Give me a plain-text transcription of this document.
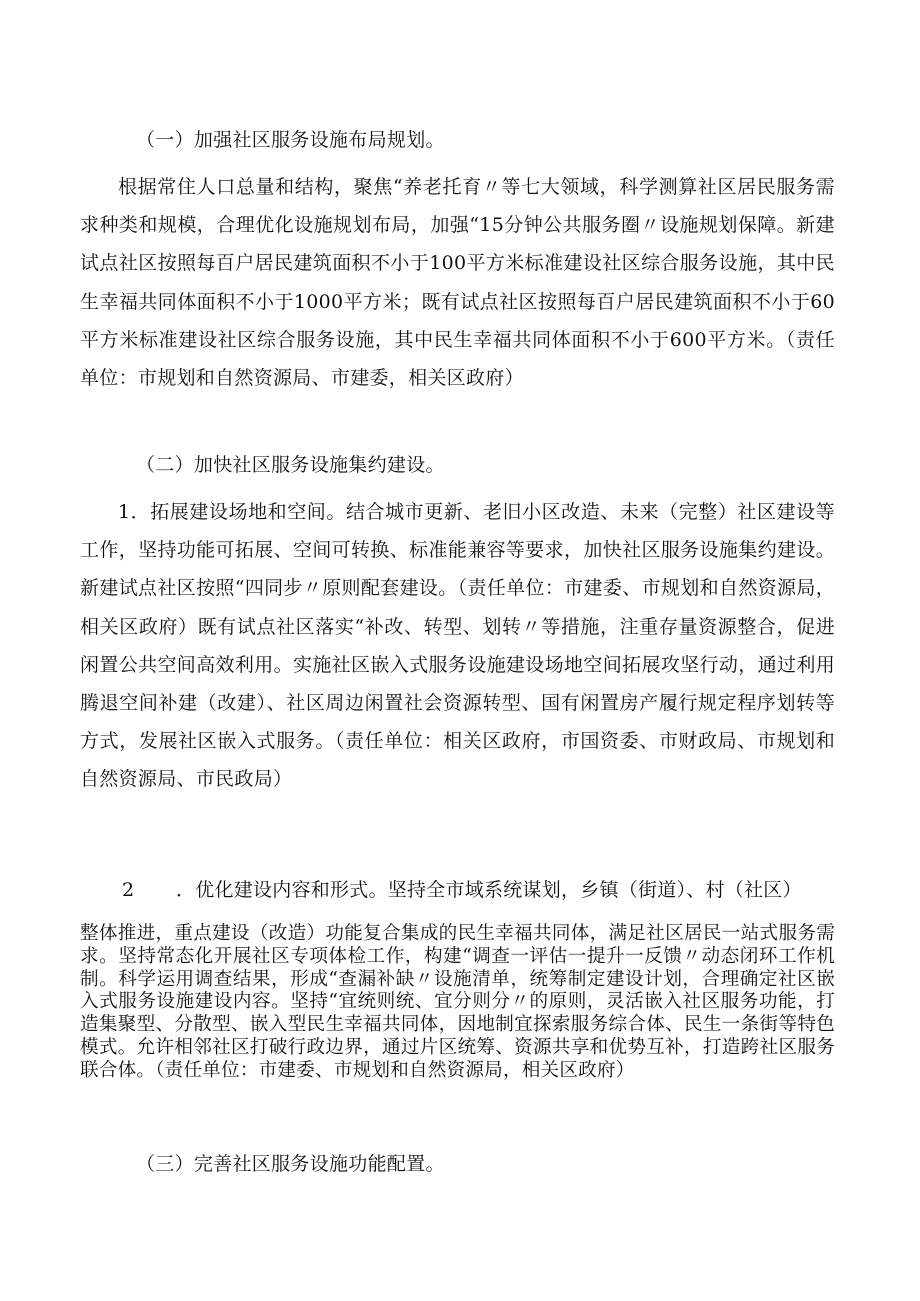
（一）加强社区服务设施布局规划。

根据常住人口总量和结构，聚焦“养老托育〃等七大领域，科学测算社区居民服务需求种类和规模，合理优化设施规划布局，加强“15分钟公共服务圈〃设施规划保障。新建试点社区按照每百户居民建筑面积不小于100平方米标准建设社区综合服务设施，其中民生幸福共同体面积不小于1000平方米；既有试点社区按照每百户居民建筑面积不小于60平方米标准建设社区综合服务设施，其中民生幸福共同体面积不小于600平方米。（责任单位：市规划和自然资源局、市建委，相关区政府）

（二）加快社区服务设施集约建设。

1．拓展建设场地和空间。结合城市更新、老旧小区改造、未来（完整）社区建设等工作，坚持功能可拓展、空间可转换、标准能兼容等要求，加快社区服务设施集约建设。新建试点社区按照“四同步〃原则配套建设。（责任单位：市建委、市规划和自然资源局，相关区政府）既有试点社区落实“补改、转型、划转〃等措施，注重存量资源整合，促进闲置公共空间高效利用。实施社区嵌入式服务设施建设场地空间拓展攻坚行动，通过利用腾退空间补建（改建）、社区周边闲置社会资源转型、国有闲置房产履行规定程序划转等方式，发展社区嵌入式服务。（责任单位：相关区政府，市国资委、市财政局、市规划和自然资源局、市民政局）

2 ．优化建设内容和形式。坚持全市域系统谋划，乡镇（街道）、村（社区）

整体推进，重点建设（改造）功能复合集成的民生幸福共同体，满足社区居民一站式服务需求。坚持常态化开展社区专项体检工作，构建“调查一评估一提升一反馈〃动态闭环工作机制。科学运用调查结果，形成“查漏补缺〃设施清单，统筹制定建设计划，合理确定社区嵌入式服务设施建设内容。坚持“宜统则统、宜分则分〃的原则，灵活嵌入社区服务功能，打造集聚型、分散型、嵌入型民生幸福共同体，因地制宜探索服务综合体、民生一条街等特色模式。允许相邻社区打破行政边界，通过片区统筹、资源共享和优势互补，打造跨社区服务联合体。（责任单位：市建委、市规划和自然资源局，相关区政府）

（三）完善社区服务设施功能配置。
